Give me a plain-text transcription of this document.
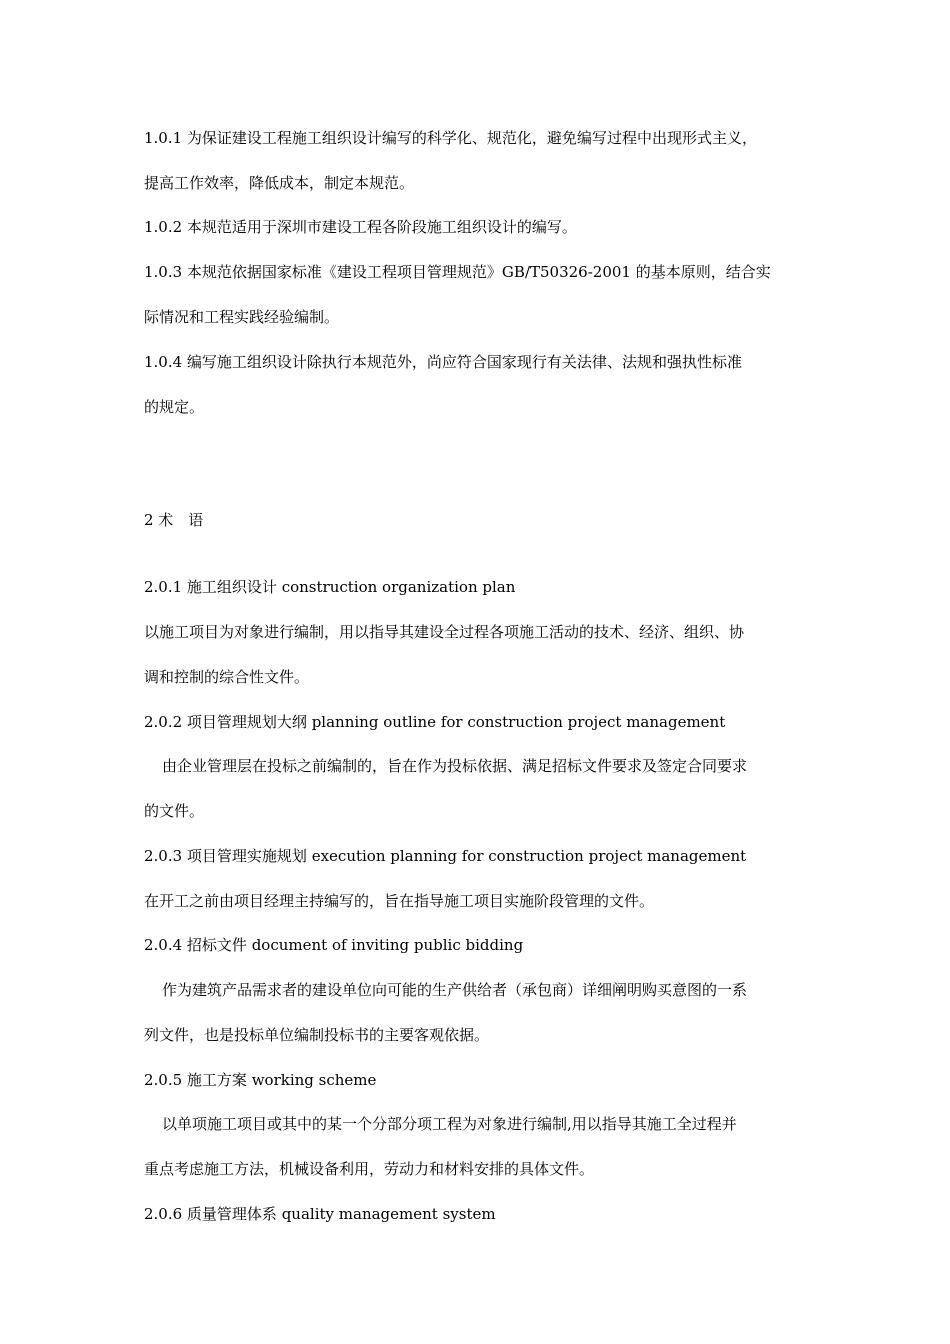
1.0.1 为保证建设工程施工组织设计编写的科学化、规范化，避免编写过程中出现形式主义，
提高工作效率，降低成本，制定本规范。
1.0.2 本规范适用于深圳市建设工程各阶段施工组织设计的编写。
1.0.3 本规范依据国家标准《建设工程项目管理规范》GB/T50326-2001 的基本原则，结合实
际情况和工程实践经验编制。
1.0.4 编写施工组织设计除执行本规范外，尚应符合国家现行有关法律、法规和强执性标准
的规定。
2 术　语
2.0.1 施工组织设计 construction organization plan
以施工项目为对象进行编制，用以指导其建设全过程各项施工活动的技术、经济、组织、协
调和控制的综合性文件。
2.0.2 项目管理规划大纲 planning outline for construction project management
由企业管理层在投标之前编制的，旨在作为投标依据、满足招标文件要求及签定合同要求
的文件。
2.0.3 项目管理实施规划 execution planning for construction project management
在开工之前由项目经理主持编写的，旨在指导施工项目实施阶段管理的文件。
2.0.4 招标文件 document of inviting public bidding
作为建筑产品需求者的建设单位向可能的生产供给者（承包商）详细阐明购买意图的一系
列文件，也是投标单位编制投标书的主要客观依据。
2.0.5 施工方案 working scheme
以单项施工项目或其中的某一个分部分项工程为对象进行编制,用以指导其施工全过程并
重点考虑施工方法，机械设备利用，劳动力和材料安排的具体文件。
2.0.6 质量管理体系 quality management system
